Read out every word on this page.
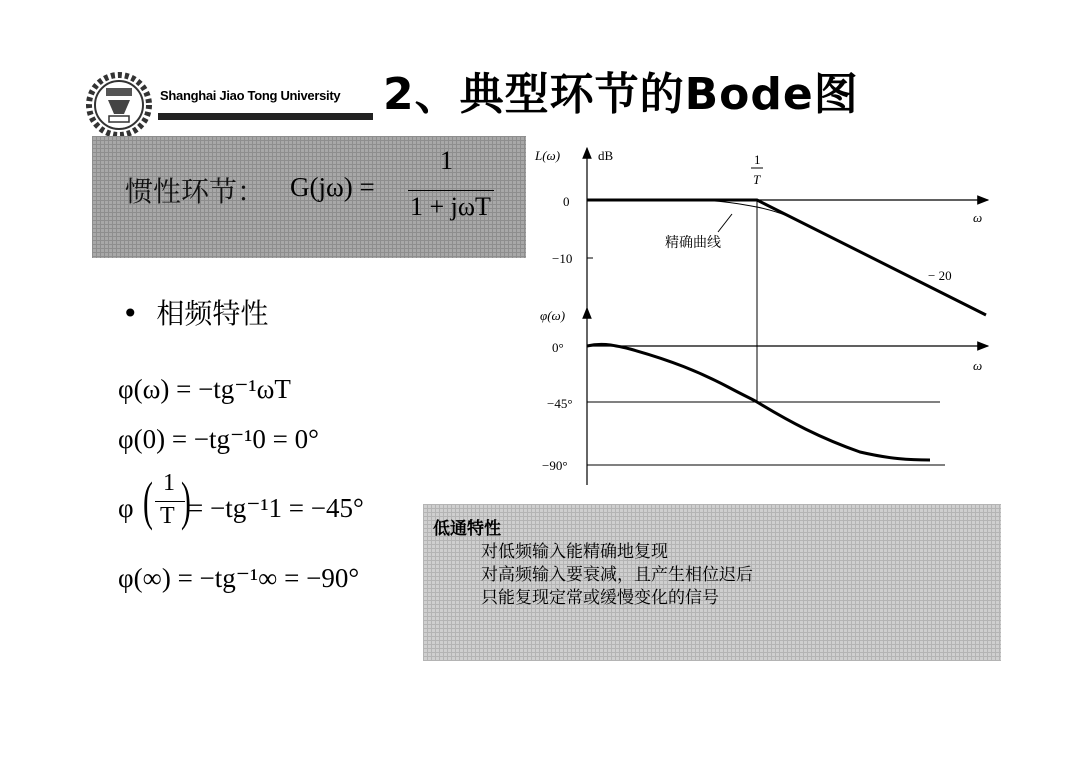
Shanghai Jiao Tong University 2、典型环节的Bode图
惯性环节： G(jω) =
1
1 + jωT
• 相频特性
φ(ω) = −tg⁻¹ωT
φ(0) = −tg⁻¹0 = 0°
φ ( 1
T )
= −tg⁻¹1 = −45°
φ(∞) = −tg⁻¹∞ = −90°
低通特性
对低频输入能精确地复现
对高频输入要衰减，且产生相位迟后
只能复现定常或缓慢变化的信号
L(ω)	dB
ω
0
−10
1
T
精确曲线
− 20
φ(ω)
ω
0°
−45°
−90°
